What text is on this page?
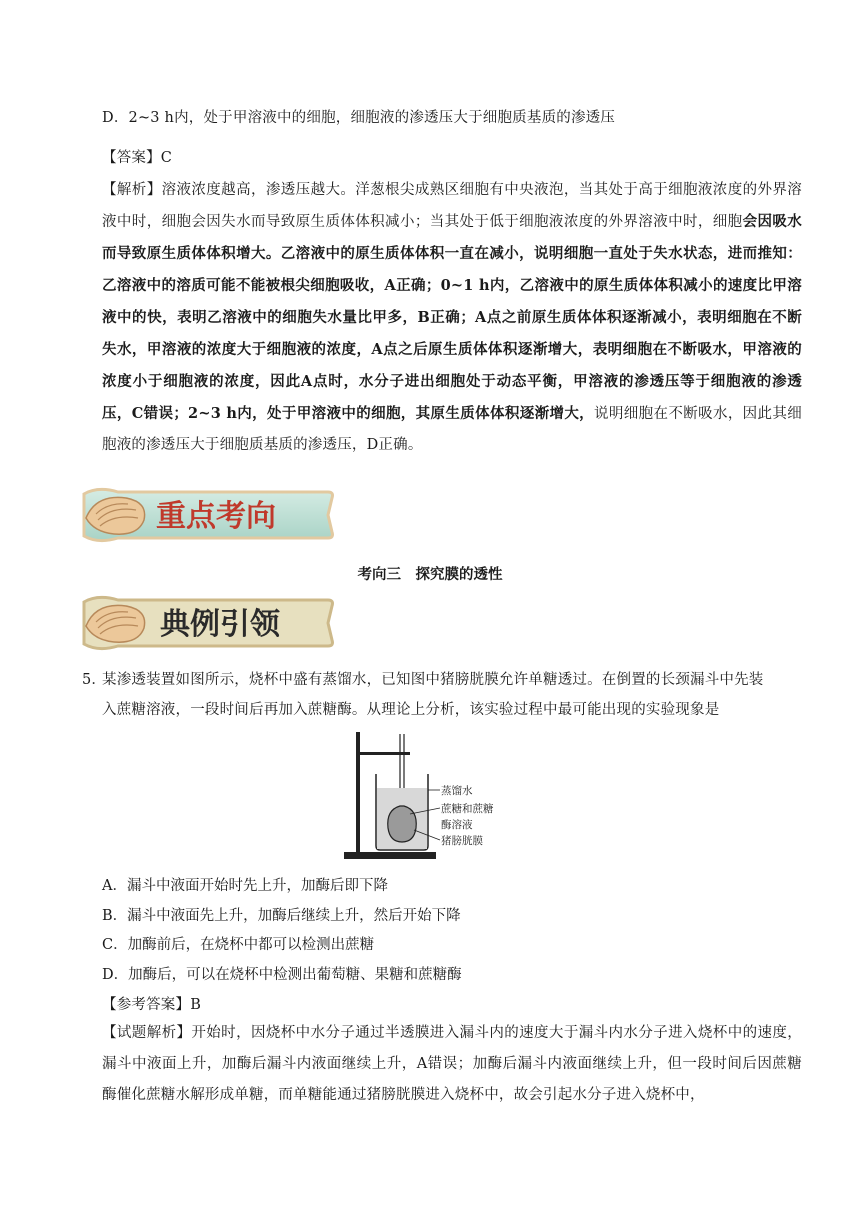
D．2~3 h内，处于甲溶液中的细胞，细胞液的渗透压大于细胞质基质的渗透压
【答案】C
【解析】溶液浓度越高，渗透压越大。洋葱根尖成熟区细胞有中央液泡，当其处于高于细胞液浓度的外界溶液中时，细胞会因失水而导致原生质体体积减小；当其处于低于细胞液浓度的外界溶液中时，细胞会因吸水而导致原生质体体积增大。乙溶液中的原生质体体积一直在减小，说明细胞一直处于失水状态，进而推知：乙溶液中的溶质可能不能被根尖细胞吸收，A正确；0~1 h内，乙溶液中的原生质体体积减小的速度比甲溶液中的快，表明乙溶液中的细胞失水量比甲多，B正确；A点之前原生质体体积逐渐减小，表明细胞在不断失水，甲溶液的浓度大于细胞液的浓度，A点之后原生质体体积逐渐增大，表明细胞在不断吸水，甲溶液的浓度小于细胞液的浓度，因此A点时，水分子进出细胞处于动态平衡，甲溶液的渗透压等于细胞液的渗透压，C错误；2~3 h内，处于甲溶液中的细胞，其原生质体体积逐渐增大，说明细胞在不断吸水，因此其细胞液的渗透压大于细胞质基质的渗透压，D正确。
重点考向
考向三　探究膜的透性
典例引领
5．
某渗透装置如图所示，烧杯中盛有蒸馏水，已知图中猪膀胱膜允许单糖透过。在倒置的长颈漏斗中先装
入蔗糖溶液，一段时间后再加入蔗糖酶。从理论上分析，该实验过程中最可能出现的实验现象是
蒸馏水
蔗糖和蔗糖
酶溶液
猪膀胱膜
A．漏斗中液面开始时先上升，加酶后即下降
B．漏斗中液面先上升，加酶后继续上升，然后开始下降
C．加酶前后，在烧杯中都可以检测出蔗糖
D．加酶后，可以在烧杯中检测出葡萄糖、果糖和蔗糖酶
【参考答案】B
【试题解析】开始时，因烧杯中水分子通过半透膜进入漏斗内的速度大于漏斗内水分子进入烧杯中的速度，漏斗中液面上升，加酶后漏斗内液面继续上升，A错误；加酶后漏斗内液面继续上升，但一段时间后因蔗糖酶催化蔗糖水解形成单糖，而单糖能通过猪膀胱膜进入烧杯中，故会引起水分子进入烧杯中，
